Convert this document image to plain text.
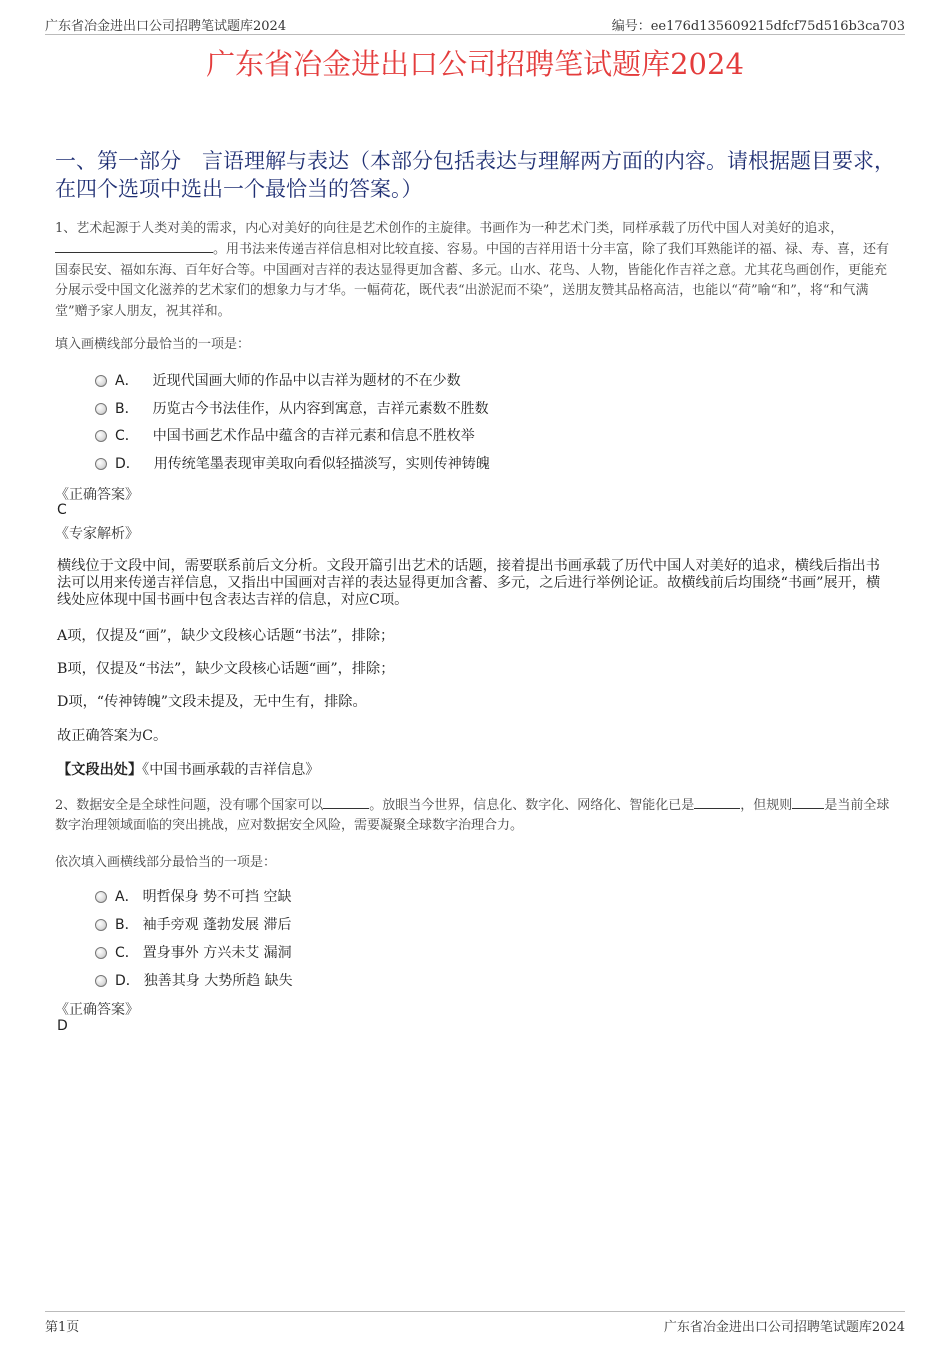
广东省冶金进出口公司招聘笔试题库2024	编号：ee176d135609215dfcf75d516b3ca703
广东省冶金进出口公司招聘笔试题库2024
一、第一部分　言语理解与表达（本部分包括表达与理解两方面的内容。请根据题目要求，在四个选项中选出一个最恰当的答案。）
1、艺术起源于人类对美的需求，内心对美好的向往是艺术创作的主旋律。书画作为一种艺术门类，同样承载了历代中国人对美好的追求，
。用书法来传递吉祥信息相对比较直接、容易。中国的吉祥用语十分丰富，除了我们耳熟能详的福、禄、寿、喜，还有国泰民安、福如东海、百年好合等。中国画对吉祥的表达显得更加含蓄、多元。山水、花鸟、人物，皆能化作吉祥之意。尤其花鸟画创作，更能充分展示受中国文化滋养的艺术家们的想象力与才华。一幅荷花，既代表“出淤泥而不染”，送朋友赞其品格高洁，也能以“荷”喻“和”，将“和气满堂”赠予家人朋友，祝其祥和。
填入画横线部分最恰当的一项是：
A． 近现代国画大师的作品中以吉祥为题材的不在少数
B． 历览古今书法佳作，从内容到寓意，吉祥元素数不胜数
C． 中国书画艺术作品中蕴含的吉祥元素和信息不胜枚举
D． 用传统笔墨表现审美取向看似轻描淡写，实则传神铸魄
《正确答案》
C
《专家解析》
横线位于文段中间，需要联系前后文分析。文段开篇引出艺术的话题，接着提出书画承载了历代中国人对美好的追求，横线后指出书法可以用来传递吉祥信息，又指出中国画对吉祥的表达显得更加含蓄、多元，之后进行举例论证。故横线前后均围绕“书画”展开，横线处应体现中国书画中包含表达吉祥的信息，对应C项。
A项，仅提及“画”，缺少文段核心话题“书法”，排除；
B项，仅提及“书法”，缺少文段核心话题“画”，排除；
D项，“传神铸魄”文段未提及，无中生有，排除。
故正确答案为C。
【文段出处】《中国书画承载的吉祥信息》
2、数据安全是全球性问题，没有哪个国家可以	。放眼当今世界，信息化、数字化、网络化、智能化已是	，但规则 是当前全球数字治理领域面临的突出挑战，应对数据安全风险，需要凝聚全球数字治理合力。
依次填入画横线部分最恰当的一项是：
A． 明哲保身 势不可挡 空缺
B． 袖手旁观 蓬勃发展 滞后
C． 置身事外 方兴未艾 漏洞
D． 独善其身 大势所趋 缺失
《正确答案》
D
第1页	广东省冶金进出口公司招聘笔试题库2024
